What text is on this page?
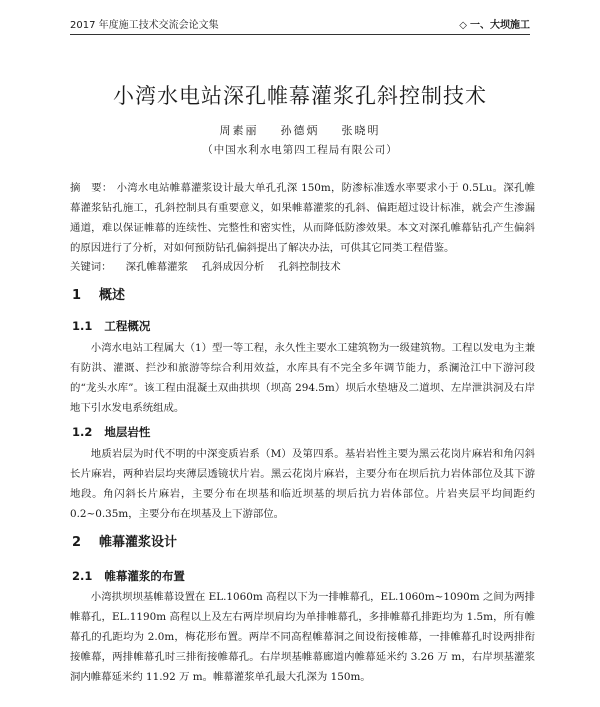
2017 年度施工技术交流会论文集	◇ 一、大坝施工
小湾水电站深孔帷幕灌浆孔斜控制技术
周素丽 孙德炳 张晓明
（中国水利水电第四工程局有限公司）
摘　要： 小湾水电站帷幕灌浆设计最大单孔孔深 150m，防渗标准透水率要求小于 0.5Lu。深孔帷幕灌浆钻孔施工，孔斜控制具有重要意义，如果帷幕灌浆的孔斜、偏距超过设计标准，就会产生渗漏通道，难以保证帷幕的连续性、完整性和密实性，从而降低防渗效果。本文对深孔帷幕钻孔产生偏斜的原因进行了分析，对如何预防钻孔偏斜提出了解决办法，可供其它同类工程借鉴。
关键词： 深孔帷幕灌浆 孔斜成因分析 孔斜控制技术
1 概述
1.1 工程概况
小湾水电站工程属大（1）型一等工程，永久性主要水工建筑物为一级建筑物。工程以发电为主兼有防洪、灌溉、拦沙和旅游等综合利用效益，水库具有不完全多年调节能力，系澜沧江中下游河段的“龙头水库”。该工程由混凝土双曲拱坝（坝高 294.5m）坝后水垫塘及二道坝、左岸泄洪洞及右岸地下引水发电系统组成。
1.2 地层岩性
地质岩层为时代不明的中深变质岩系（M）及第四系。基岩岩性主要为黑云花岗片麻岩和角闪斜长片麻岩，两种岩层均夹薄层透镜状片岩。黑云花岗片麻岩，主要分布在坝后抗力岩体部位及其下游地段。角闪斜长片麻岩，主要分布在坝基和临近坝基的坝后抗力岩体部位。片岩夹层平均间距约 0.2~0.35m，主要分布在坝基及上下游部位。
2 帷幕灌浆设计
2.1 帷幕灌浆的布置
小湾拱坝坝基帷幕设置在 EL.1060m 高程以下为一排帷幕孔，EL.1060m~1090m 之间为两排帷幕孔，EL.1190m 高程以上及左右两岸坝肩均为单排帷幕孔，多排帷幕孔排距均为 1.5m，所有帷幕孔的孔距均为 2.0m，梅花形布置。两岸不同高程帷幕洞之间设衔接帷幕，一排帷幕孔时设两排衔接帷幕，两排帷幕孔时三排衔接帷幕孔。右岸坝基帷幕廊道内帷幕延米约 3.26 万 m，右岸坝基灌浆洞内帷幕延米约 11.92 万 m。帷幕灌浆单孔最大孔深为 150m。
